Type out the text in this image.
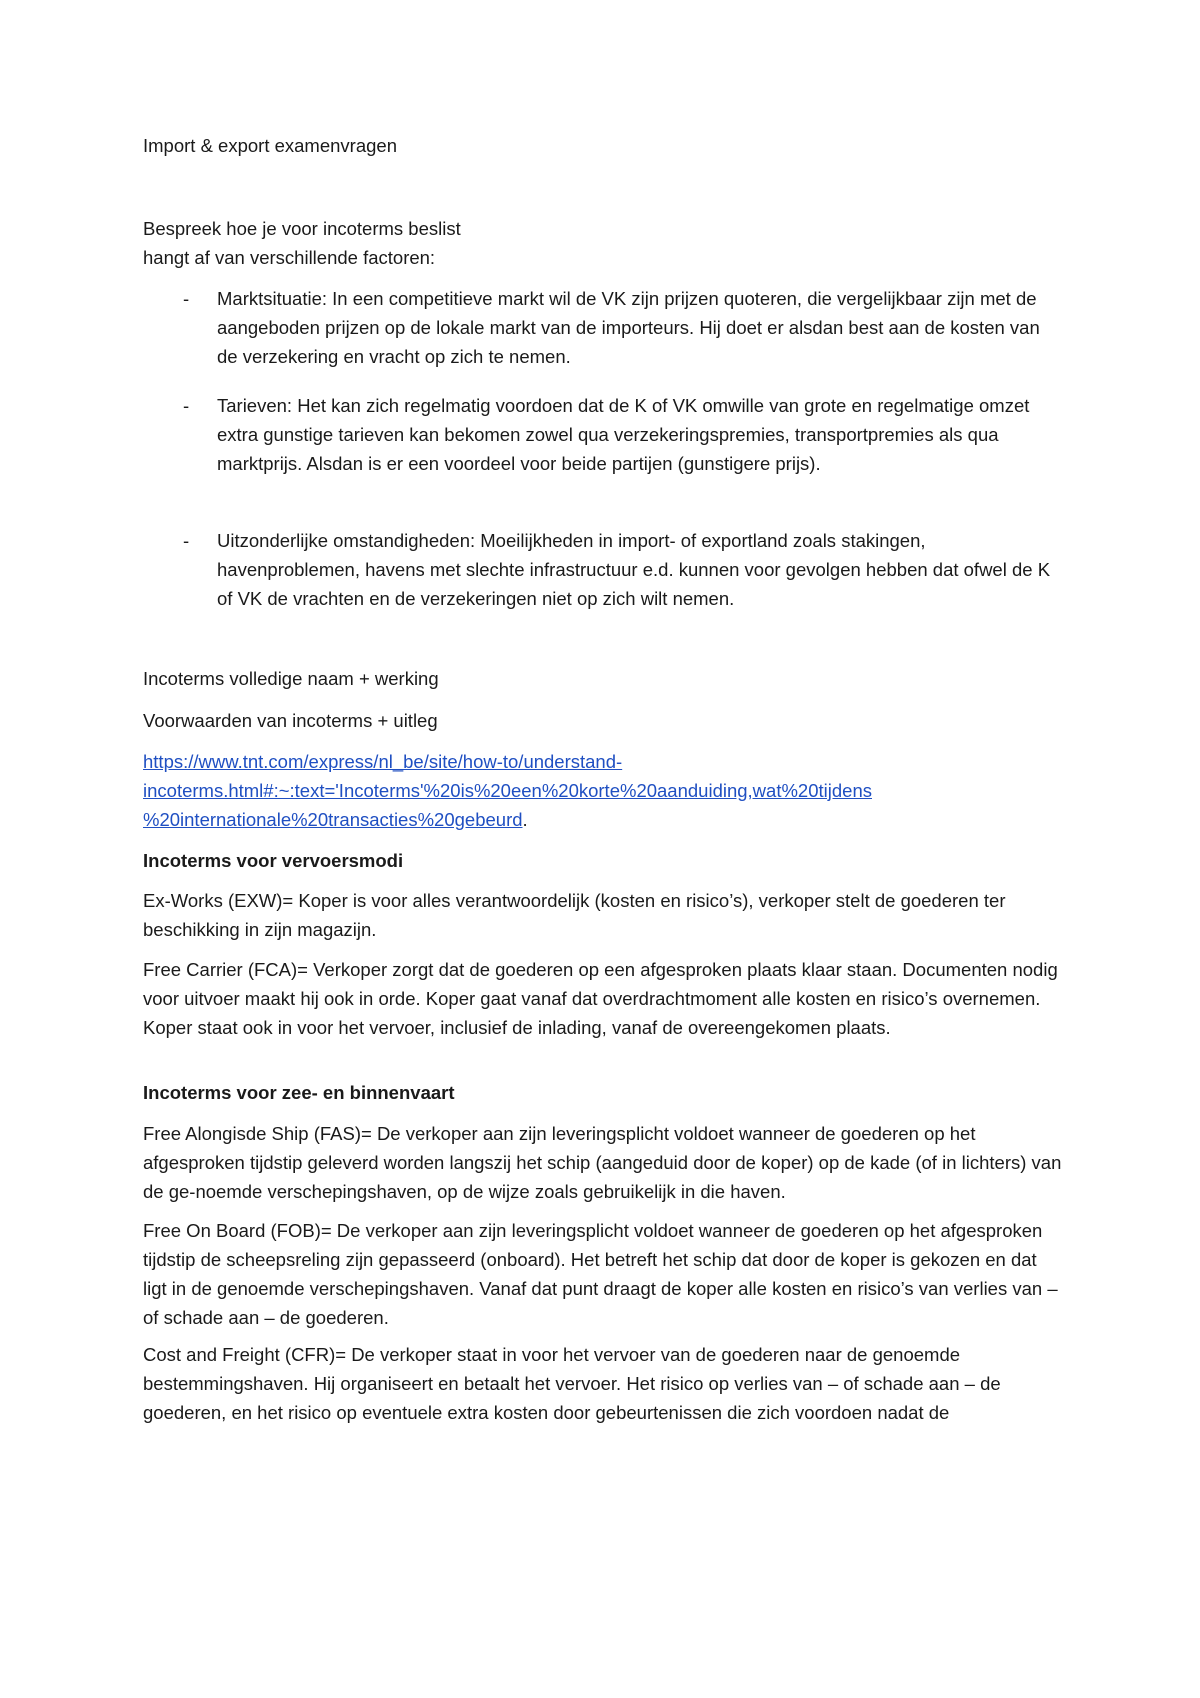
Import & export examenvragen

Bespreek hoe je voor incoterms beslist

hangt af van verschillende factoren:

- Marktsituatie: In een competitieve markt wil de VK zijn prijzen quoteren, die vergelijkbaar zijn met de aangeboden prijzen op de lokale markt van de importeurs. Hij doet er alsdan best aan de kosten van de verzekering en vracht op zich te nemen.
- Tarieven: Het kan zich regelmatig voordoen dat de K of VK omwille van grote en regelmatige omzet extra gunstige tarieven kan bekomen zowel qua verzekeringspremies, transportpremies als qua marktprijs. Alsdan is er een voordeel voor beide partijen (gunstigere prijs).
- Uitzonderlijke omstandigheden: Moeilijkheden in import- of exportland zoals stakingen, havenproblemen, havens met slechte infrastructuur e.d. kunnen voor gevolgen hebben dat ofwel de K of VK de vrachten en de verzekeringen niet op zich wilt nemen.

Incoterms volledige naam + werking

Voorwaarden van incoterms + uitleg

https://www.tnt.com/express/nl_be/site/how-to/understand-
incoterms.html#:~:text='Incoterms'%20is%20een%20korte%20aanduiding,wat%20tijdens
%20internationale%20transacties%20gebeurd.

Incoterms voor vervoersmodi

Ex-Works (EXW)= Koper is voor alles verantwoordelijk (kosten en risico’s), verkoper stelt de goederen ter beschikking in zijn magazijn.

Free Carrier (FCA)= Verkoper zorgt dat de goederen op een afgesproken plaats klaar staan. Documenten nodig voor uitvoer maakt hij ook in orde. Koper gaat vanaf dat overdrachtmoment alle kosten en risico’s overnemen. Koper staat ook in voor het vervoer, inclusief de inlading, vanaf de overeengekomen plaats.

Incoterms voor zee- en binnenvaart

Free Alongisde Ship (FAS)= De verkoper aan zijn leveringsplicht voldoet wanneer de goederen op het afgesproken tijdstip geleverd worden langszij het schip (aangeduid door de koper) op de kade (of in lichters) van de ge-noemde verschepingshaven, op de wijze zoals gebruikelijk in die haven.

Free On Board (FOB)= De verkoper aan zijn leveringsplicht voldoet wanneer de goederen op het afgesproken tijdstip de scheepsreling zijn gepasseerd (onboard). Het betreft het schip dat door de koper is gekozen en dat ligt in de genoemde verschepingshaven. Vanaf dat punt draagt de koper alle kosten en risico’s van verlies van – of schade aan – de goederen.

Cost and Freight (CFR)= De verkoper staat in voor het vervoer van de goederen naar de genoemde bestemmingshaven. Hij organiseert en betaalt het vervoer. Het risico op verlies van – of schade aan – de goederen, en het risico op eventuele extra kosten door gebeurtenissen die zich voordoen nadat de
